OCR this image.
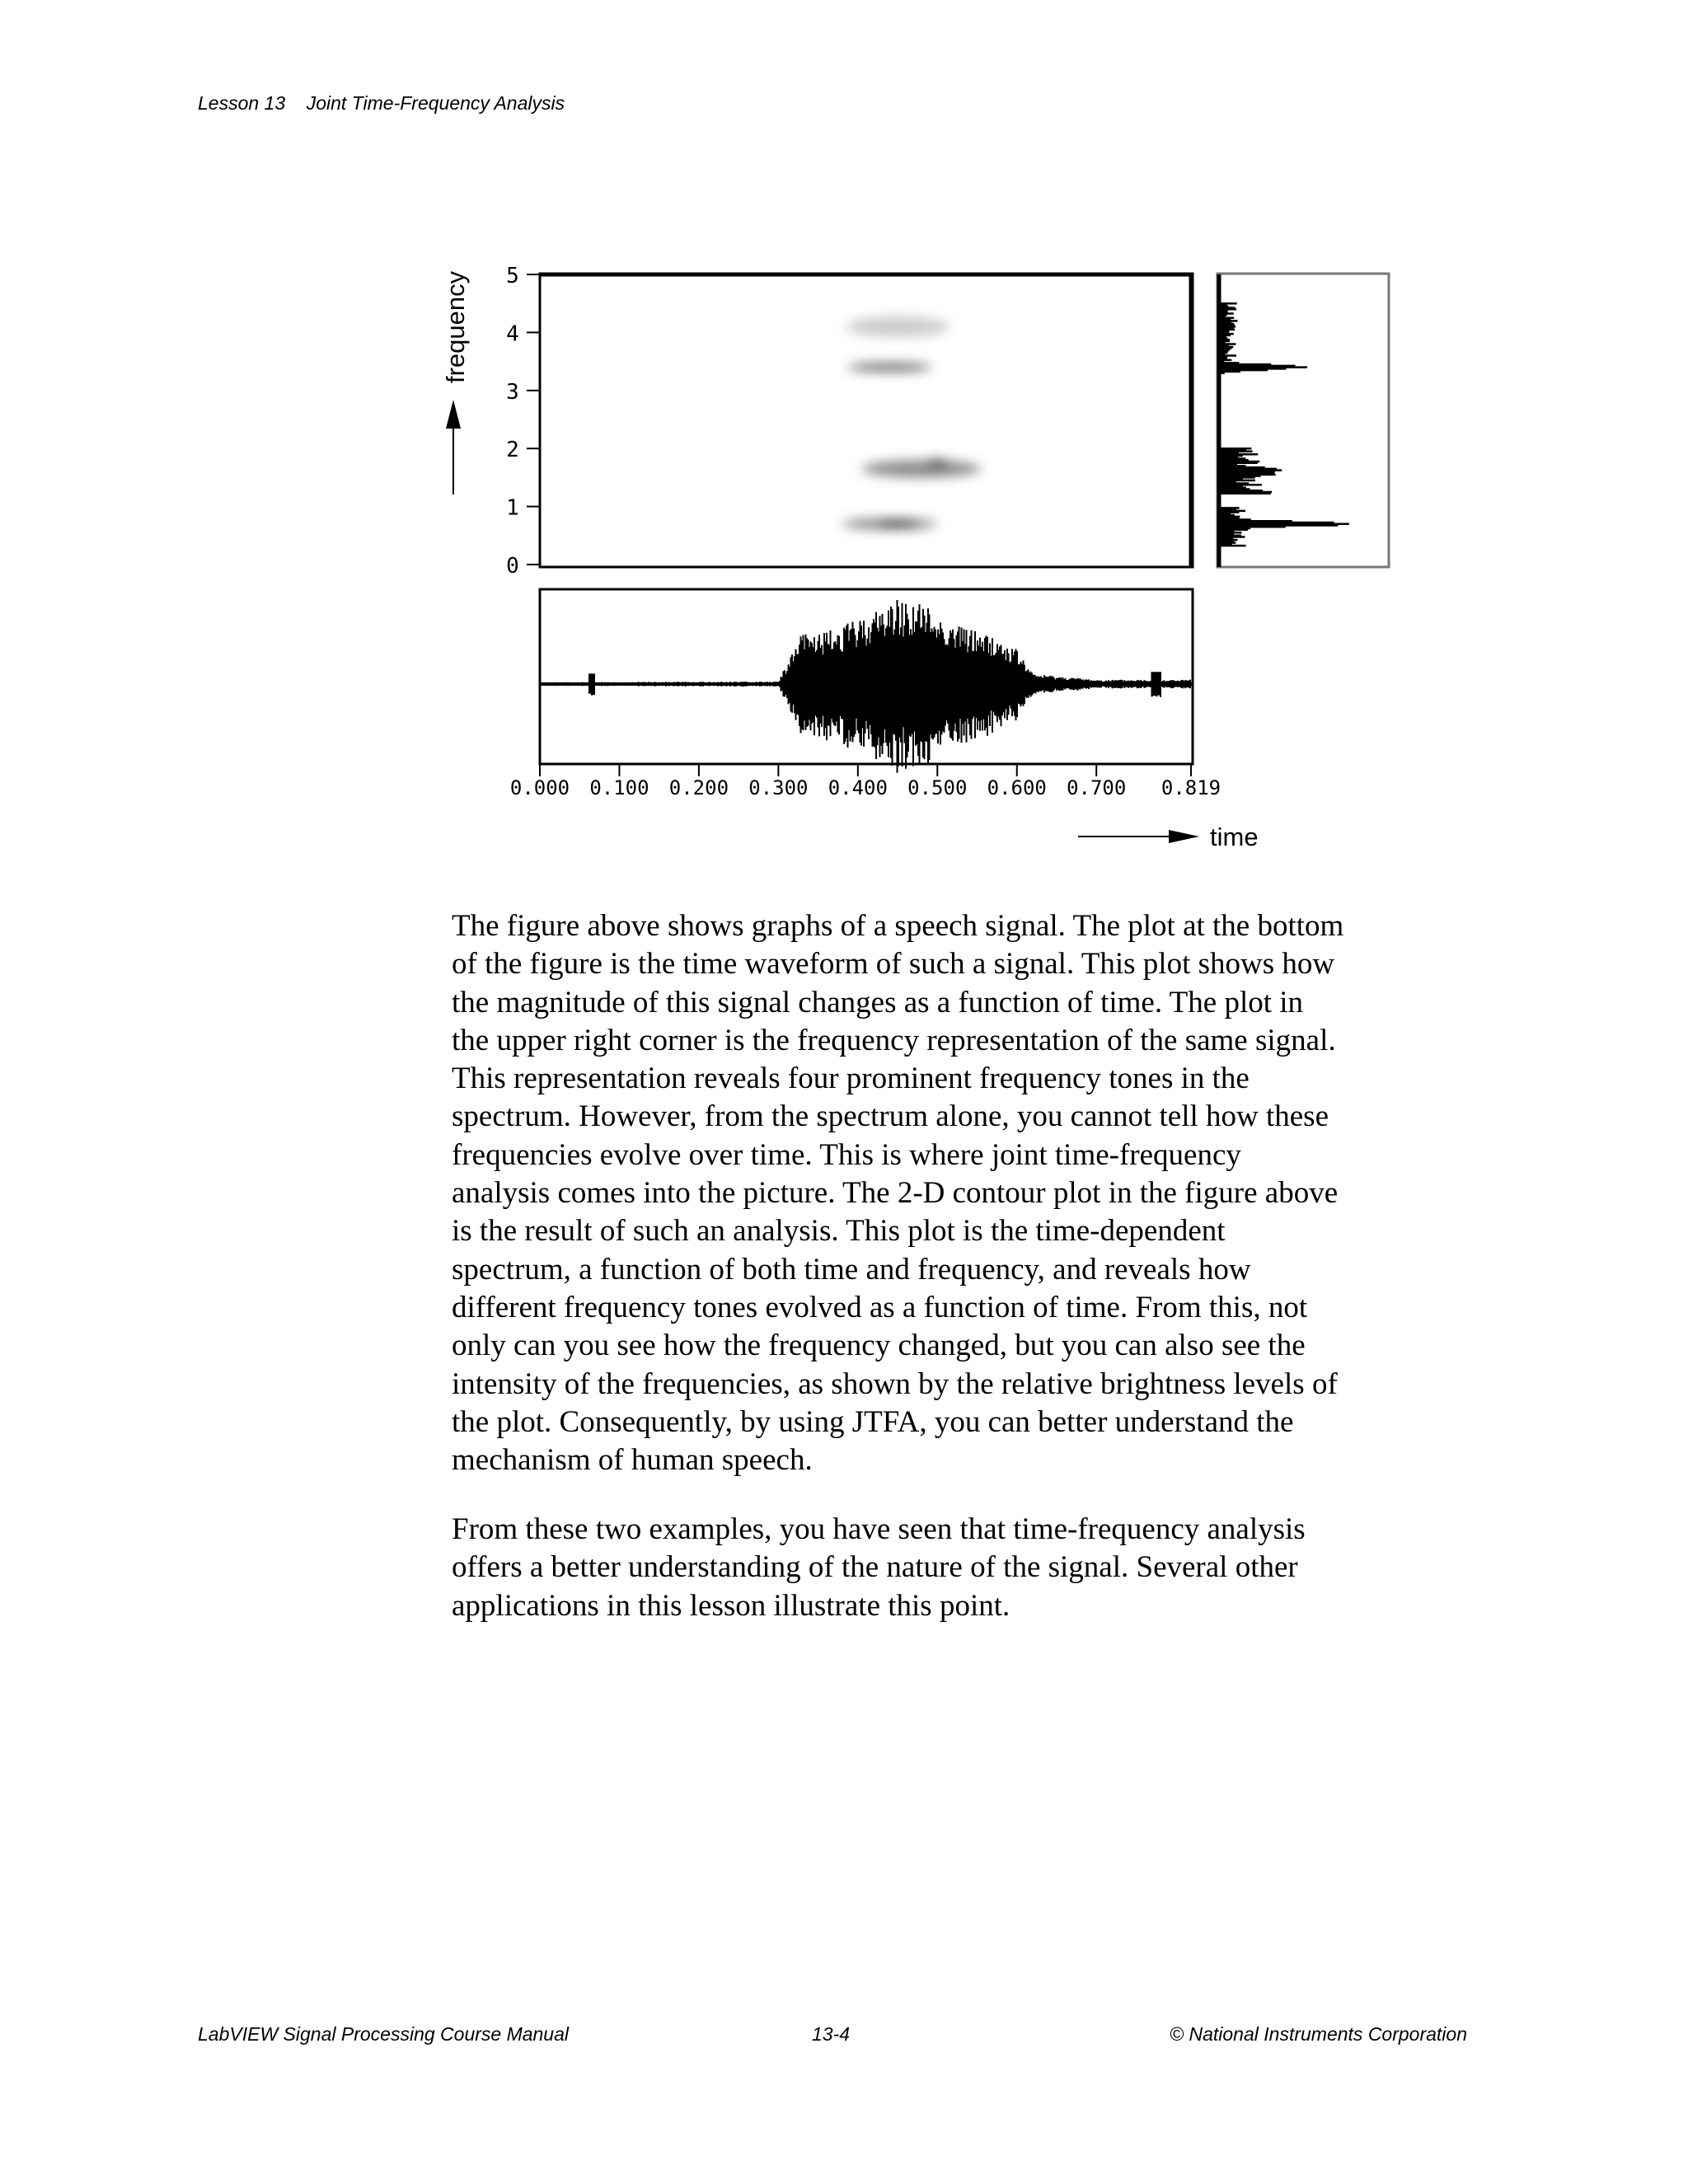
Lesson 13 Joint Time-Frequency Analysis
frequency
0
1
2
3
4
5
0.000 0.100 0.200 0.300 0.400 0.500 0.600 0.700 0.819
time
The figure above shows graphs of a speech signal. The plot at the bottom
of the figure is the time waveform of such a signal. This plot shows how
the magnitude of this signal changes as a function of time. The plot in
the upper right corner is the frequency representation of the same signal.
This representation reveals four prominent frequency tones in the
spectrum. However, from the spectrum alone, you cannot tell how these
frequencies evolve over time. This is where joint time-frequency
analysis comes into the picture. The 2-D contour plot in the figure above
is the result of such an analysis. This plot is the time-dependent
spectrum, a function of both time and frequency, and reveals how
different frequency tones evolved as a function of time. From this, not
only can you see how the frequency changed, but you can also see the
intensity of the frequencies, as shown by the relative brightness levels of
the plot. Consequently, by using JTFA, you can better understand the
mechanism of human speech.
From these two examples, you have seen that time-frequency analysis
offers a better understanding of the nature of the signal. Several other
applications in this lesson illustrate this point.
LabVIEW Signal Processing Course Manual	13-4	© National Instruments Corporation
